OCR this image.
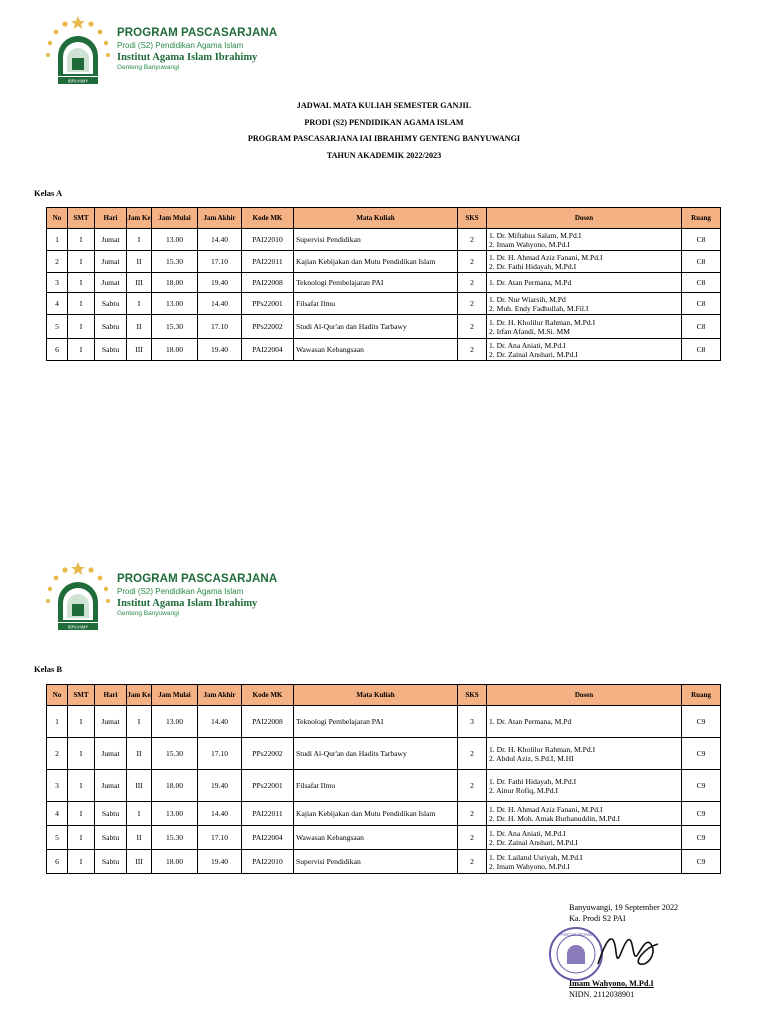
IBRAHIMY
PROGRAM PASCASARJANA
Prodi (S2) Pendidikan Agama Islam
Institut Agama Islam Ibrahimy
Genteng Banyuwangi
JADWAL MATA KULIAH SEMESTER GANJIL
PRODI (S2) PENDIDIKAN AGAMA ISLAM
PROGRAM PASCASARJANA IAI IBRAHIMY GENTENG BANYUWANGI
TAHUN AKADEMIK 2022/2023
Kelas A
No	SMT	Hari	Jam Ke	Jam Mulai	Jam Akhir	Kode MK	Mata Kuliah	SKS	Dosen	Ruang
1	I	Jumat	I	13.00	14.40	PAI22010	Supervisi Pendidikan	2	1. Dr. Miftahus Salam, M.Pd.I
2. Imam Wahyono, M.Pd.I	C8
2	I	Jumat	II	15.30	17.10	PAI22011	Kajian Kebijakan dan Mutu Pendidikan Islam	2	1. Dr. H. Ahmad Aziz Fanani, M.Pd.I
2. Dr. Fathi Hidayah, M.Pd.I	C8
3	I	Jumat	III	18.00	19.40	PAI22008	Teknologi Pembelajaran PAI	2	1. Dr. Atan Permana, M.Pd	C8
4	I	Sabtu	I	13.00	14.40	PPs22001	Filsafat Ilmu	2	1. Dr. Nur Wiarsih, M.Pd
2. Muh. Endy Fadhullah, M.Fil.I	C8
5	I	Sabtu	II	15.30	17.10	PPs22002	Studi Al-Qur'an dan Hadits Tarbawy	2	1. Dr. H. Kholilur Rahman, M.Pd.I
2. Irfan Afandi, M.Si. MM	C8
6	I	Sabtu	III	18.00	19.40	PAI22004	Wawasan Kebangsaan	2	1. Dr. Ana Aniati, M.Pd.I
2. Dr. Zainal Anshari, M.Pd.I	C8
IBRAHIMY
PROGRAM PASCASARJANA
Prodi (S2) Pendidikan Agama Islam
Institut Agama Islam Ibrahimy
Genteng Banyuwangi
Kelas B
No	SMT	Hari	Jam Ke	Jam Mulai	Jam Akhir	Kode MK	Mata Kuliah	SKS	Dosen	Ruang
1	I	Jumat	I	13.00	14.40	PAI22008	Teknologi Pembelajaran PAI	3	1. Dr. Atan Permana, M.Pd	C9
2	I	Jumat	II	15.30	17.10	PPs22002	Studi Al-Qur'an dan Hadits Tarbawy	2	1. Dr. H. Kholilur Rahman, M.Pd.I
2. Abdul Aziz, S.Pd.I, M.HI	C9
3	I	Jumat	III	18.00	19.40	PPs22001	Filsafat Ilmu	2	1. Dr. Fathi Hidayah, M.Pd.I
2. Ainur Rofiq, M.Pd.I	C9
4	I	Sabtu	I	13.00	14.40	PAI22011	Kajian Kebijakan dan Mutu Pendidikan Islam	2	1. Dr. H. Ahmad Aziz Fanani, M.Pd.I
2. Dr. H. Moh. Amak Burhanuddin, M.Pd.I	C9
5	I	Sabtu	II	15.30	17.10	PAI22004	Wawasan Kebangsaan	2	1. Dr. Ana Aniati, M.Pd.I
2. Dr. Zainal Anshari, M.Pd.I	C9
6	I	Sabtu	III	18.00	19.40	PAI22010	Supervisi Pendidikan	2	1. Dr. Lailatul Usriyah, M.Pd.I
2. Imam Wahyono, M.Pd.I	C9
Banyuwangi, 19 September 2022
Ka. Prodi S2 PAI
PASCASARJANA
Imam Wahyono, M.Pd.I
NIDN. 2112038901
